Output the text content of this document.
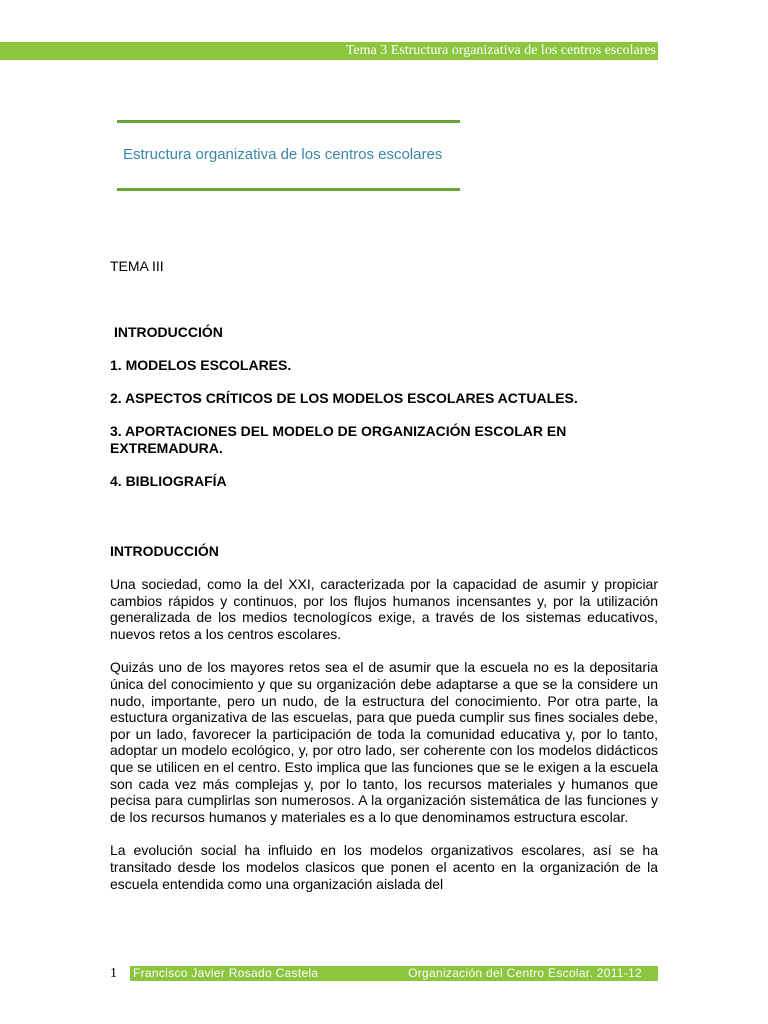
Tema 3 Estructura organizativa de los centros escolares
Estructura organizativa de los centros escolares
TEMA III
INTRODUCCIÓN
1. MODELOS ESCOLARES.
2. ASPECTOS CRÍTICOS DE LOS MODELOS ESCOLARES ACTUALES.
3. APORTACIONES DEL MODELO DE ORGANIZACIÓN ESCOLAR EN EXTREMADURA.
4. BIBLIOGRAFÍA
INTRODUCCIÓN

Una sociedad, como la del XXI, caracterizada por la capacidad de asumir y propiciar cambios rápidos y continuos, por los flujos humanos incensantes y, por la utilización generalizada de los medios tecnologícos exige, a través de los sistemas educativos, nuevos retos a los centros escolares.

Quizás uno de los mayores retos sea el de asumir que la escuela no es la depositaria única del conocimiento y que su organización debe adaptarse a que se la considere un nudo, importante, pero un nudo, de la estructura del conocimiento. Por otra parte, la estuctura organizativa de las escuelas, para que pueda cumplir sus fines sociales debe, por un lado, favorecer la participación de toda la comunidad educativa y, por lo tanto, adoptar un modelo ecológico, y, por otro lado, ser coherente con los modelos didácticos que se utilicen en el centro. Esto implica que las funciones que se le exigen a la escuela son cada vez más complejas y, por lo tanto, los recursos materiales y humanos que pecisa para cumplirlas son numerosos. A la organización sistemática de las funciones y de los recursos humanos y materiales es a lo que denominamos estructura escolar.

La evolución social ha influido en los modelos organizativos escolares, así se ha transitado desde los modelos clasicos que ponen el acento en la organización de la escuela entendida como una organización aislada del

1 Francisco Javier Rosado Castela	Organización del Centro Escolar. 2011-12
